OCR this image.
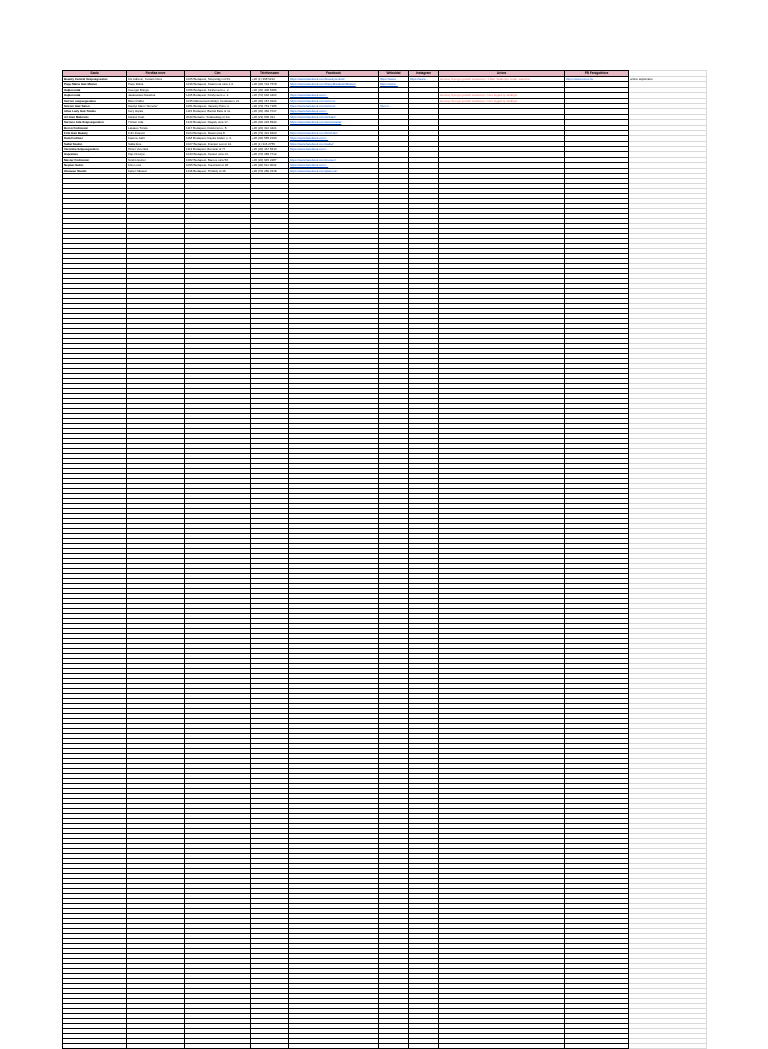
Szalo	Fordtsa neve	Cim	Telefonszam	Facebook	Weboldal	Instagram	Ar/ora	FB Fanigobfora	
Beauty Central Szépségszalon	Kis Adrienn, Kovács Dóra	1025 Budapest, Szépvölgyi út 54.	+36 (1) 398 5212	https://www.facebook.com/beautycentral/	https://www...	https://www...	Hennay Syingyi gönddr workshop / 1.890, Wakeupp mellé, webshal	https://www.szerv.hu	online teljoferleto
Papp Mária Hair Master	Papp Mária	1036 Budapest, Kiskorona utca 1-3.	+36 (30) 724 7578	https://www.facebook.com/PappMariaHairMaster/	https://www...				
Hajkoronák	Csengel Bringa	1056 Budapest, Királymezö u. 2.	+36 (30) 406 5486						
Hajkoronák	Jaakowska Klaudina	1106 Budapest, Királymezö u. 2.	+36 (70) 618 4404	https://www.facebook.com/...			Hennay Syingyi gönddr workshop / lmm fogjad ój mkdfigér		
Szirom szépségszalon	Bánvi Kálbó	1045 Rákosszentmihályi. Kertteleki u.21	+36 (30) 167 9243	https://www.facebook.com/szirom/			Hennay Syingyi gönddr workshop / lmm fogjad ój mkdfigér		
Szirom Hair Salon	Karolyi Mann "Emerle"	1061 Budapest, Vasváry Pál u.4.	+36 (70) 761 7186	https://www.facebook.com/szirom/	https://...				
Atlas Lady Hair Studio	Kéry Harka	1115 Budapest, Bartók Béla út 11.	+36 (30) 466 7017	https://www.facebook.com/...					
Art Hair Makovits	Kárasz Kató	2040 Budaörs, Szabadság út 1/a	+36 (23) 506 321	https://www.facebook.com/ArtHair/					
Sármos Ada Szépségszalon	Tőzsér Ada	1133 Budapest, Dagály utca 17.	+36 (30) 218 8940	https://www.facebook.com/sarmosada/					
Borsó Fodrászat	Lakatos Tünde	1117 Budapest, Kökörcsin u. 8.	+36 (20) 312 4421						
Fritz Hair Beauty	Fritz Zsanett	1024 Budapest, Retek utca 8.	+36 (70) 431 6620	https://www.facebook.com/FritzHair/					
Kata Fodrász	Katona Judit	1118 Budapest, Dayka Gábor u. 3.	+36 (30) 555 2190	https://www.facebook.com/...					
Sallai Szalon	Sallai Éva	1027 Budapest, Frankel Leó út 12.	+36 (1) 316 2755	https://www.facebook.com/sallai/					
Veronika Szépségszalon	Pintér Veronika	1113 Budapest, Bocskai út 77.	+36 (30) 447 5610	https://www.facebook.com/...					
Hajvarázs	Pap Orsolya	1043 Budapest, Tavasz utca 14.	+36 (70) 389 7712						
Mester Fodrászat	Szabó Eszter	1082 Budapest, Baross utca 58.	+36 (20) 945 2287	https://www.facebook.com/mester/					
Neptun Salon	Kiss Luca	1095 Budapest, Soroksári út 28.	+36 (30) 611 0042	https://www.facebook.com/...					
Glamour Studio	Fehér Nikolett	1146 Budapest, Thököly út 46.	+36 (70) 250 3318	https://www.facebook.com/glamour/					
